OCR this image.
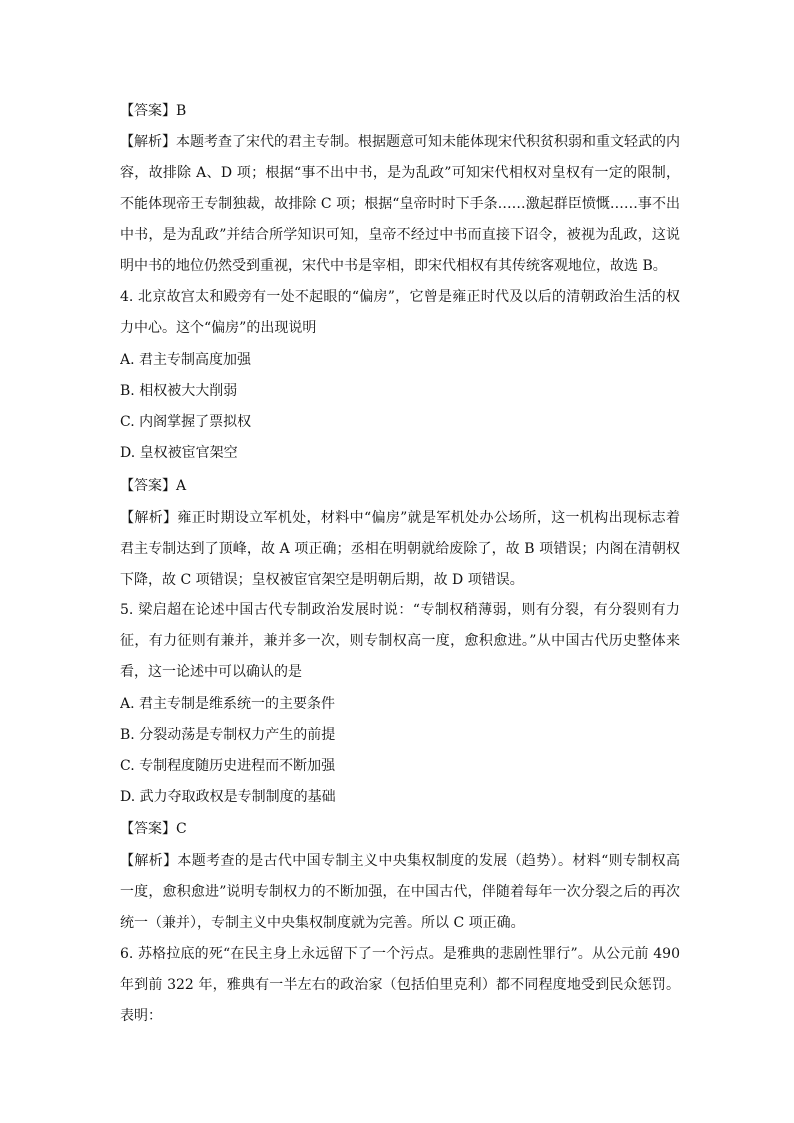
【答案】B
【解析】本题考查了宋代的君主专制。根据题意可知未能体现宋代积贫积弱和重文轻武的内
容，故排除 A、D 项；根据“事不出中书，是为乱政”可知宋代相权对皇权有一定的限制，
不能体现帝王专制独裁，故排除 C 项；根据“皇帝时时下手条……激起群臣愤慨……事不出
中书，是为乱政”并结合所学知识可知，皇帝不经过中书而直接下诏令，被视为乱政，这说
明中书的地位仍然受到重视，宋代中书是宰相，即宋代相权有其传统客观地位，故选 B。
4. 北京故宫太和殿旁有一处不起眼的“偏房”，它曾是雍正时代及以后的清朝政治生活的权
力中心。这个“偏房”的出现说明
A. 君主专制高度加强
B. 相权被大大削弱
C. 内阁掌握了票拟权
D. 皇权被宦官架空
【答案】A
【解析】雍正时期设立军机处，材料中“偏房”就是军机处办公场所，这一机构出现标志着
君主专制达到了顶峰，故 A 项正确；丞相在明朝就给废除了，故 B 项错误；内阁在清朝权
下降，故 C 项错误；皇权被宦官架空是明朝后期，故 D 项错误。
5. 梁启超在论述中国古代专制政治发展时说：“专制权稍薄弱，则有分裂，有分裂则有力
征，有力征则有兼并，兼并多一次，则专制权高一度，愈积愈进。”从中国古代历史整体来
看，这一论述中可以确认的是
A. 君主专制是维系统一的主要条件
B. 分裂动荡是专制权力产生的前提
C. 专制程度随历史进程而不断加强
D. 武力夺取政权是专制制度的基础
【答案】C
【解析】本题考查的是古代中国专制主义中央集权制度的发展（趋势）。材料“则专制权高
一度，愈积愈进”说明专制权力的不断加强，在中国古代，伴随着每年一次分裂之后的再次
统一（兼并），专制主义中央集权制度就为完善。所以 C 项正确。
6. 苏格拉底的死“在民主身上永远留下了一个污点。是雅典的悲剧性罪行”。从公元前 490
年到前 322 年，雅典有一半左右的政治家（包括伯里克利）都不同程度地受到民众惩罚。
表明：
